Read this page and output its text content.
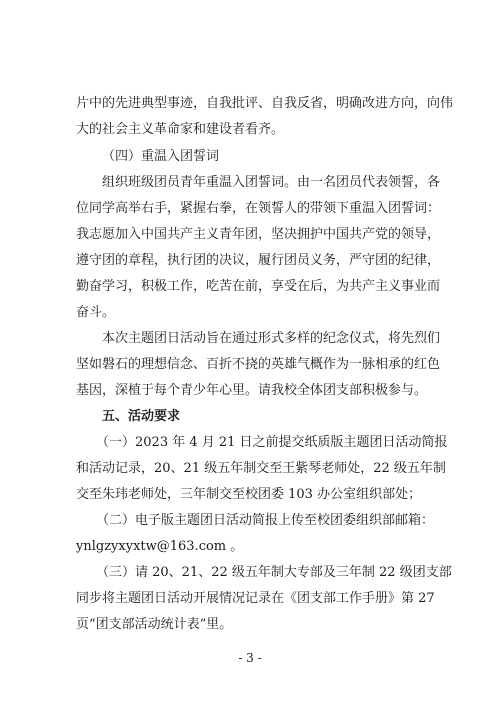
片中的先进典型事迹，自我批评、自我反省，明确改进方向，向伟
大的社会主义革命家和建设者看齐。
（四）重温入团誓词
组织班级团员青年重温入团誓词。由一名团员代表领誓，各
位同学高举右手，紧握右拳，在领誓人的带领下重温入团誓词：
我志愿加入中国共产主义青年团，坚决拥护中国共产党的领导，
遵守团的章程，执行团的决议，履行团员义务，严守团的纪律，
勤奋学习，积极工作，吃苦在前，享受在后，为共产主义事业而
奋斗。
本次主题团日活动旨在通过形式多样的纪念仪式，将先烈们
坚如磐石的理想信念、百折不挠的英雄气概作为一脉相承的红色
基因，深植于每个青少年心里。请我校全体团支部积极参与。
五、活动要求
（一）2023 年 4 月 21 日之前提交纸质版主题团日活动简报
和活动记录，20、21 级五年制交至王紫琴老师处，22 级五年制
交至朱玮老师处，三年制交至校团委 103 办公室组织部处；
（二）电子版主题团日活动简报上传至校团委组织部邮箱：
ynlgzyxyxtw@163.com 。
（三）请 20、21、22 级五年制大专部及三年制 22 级团支部
同步将主题团日活动开展情况记录在《团支部工作手册》第 27
页“团支部活动统计表”里。
- 3 -
